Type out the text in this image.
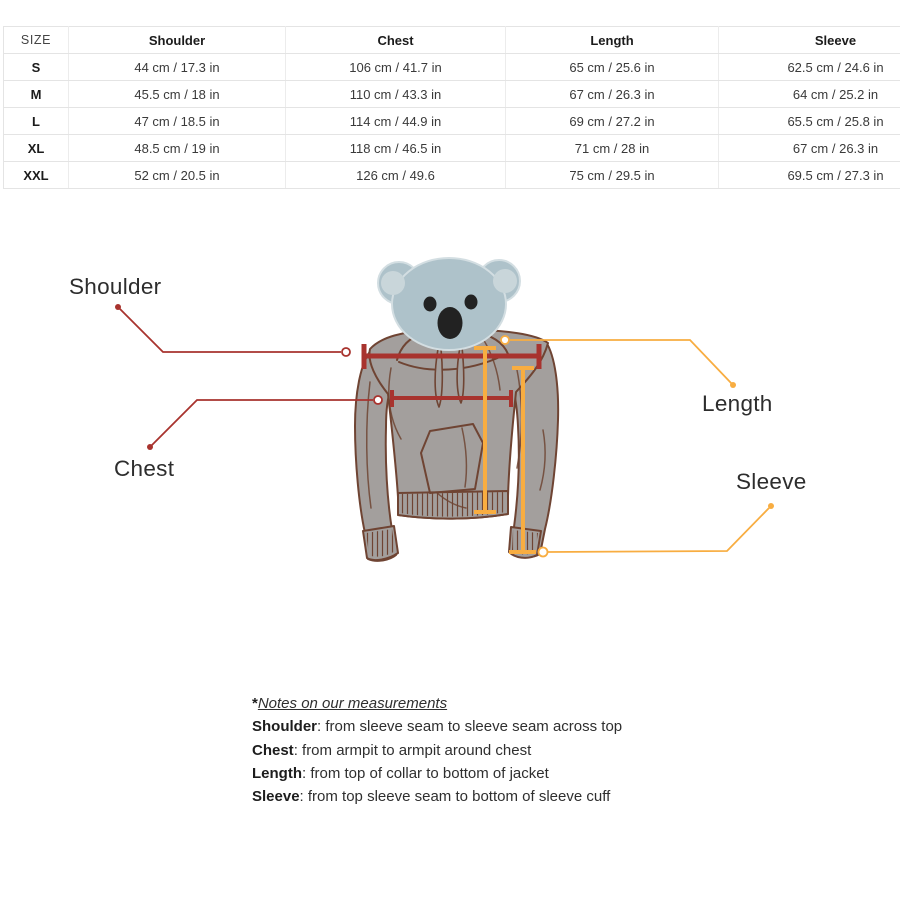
SIZE	Shoulder	Chest	Length	Sleeve
S	44 cm / 17.3 in	106 cm / 41.7 in	65 cm / 25.6 in	62.5 cm / 24.6 in
M	45.5 cm / 18 in	110 cm / 43.3 in	67 cm / 26.3 in	64 cm / 25.2 in
L	47 cm / 18.5 in	114 cm / 44.9 in	69 cm / 27.2 in	65.5 cm / 25.8 in
XL	48.5 cm / 19 in	118 cm / 46.5 in	71 cm / 28 in	67 cm / 26.3 in
XXL	52 cm / 20.5 in	126 cm / 49.6	75 cm / 29.5 in	69.5 cm / 27.3 in
Shoulder
Chest
Length
Sleeve
*Notes on our measurements
Shoulder: from sleeve seam to sleeve seam across top
Chest: from armpit to armpit around chest
Length: from top of collar to bottom of jacket
Sleeve: from top sleeve seam to bottom of sleeve cuff
